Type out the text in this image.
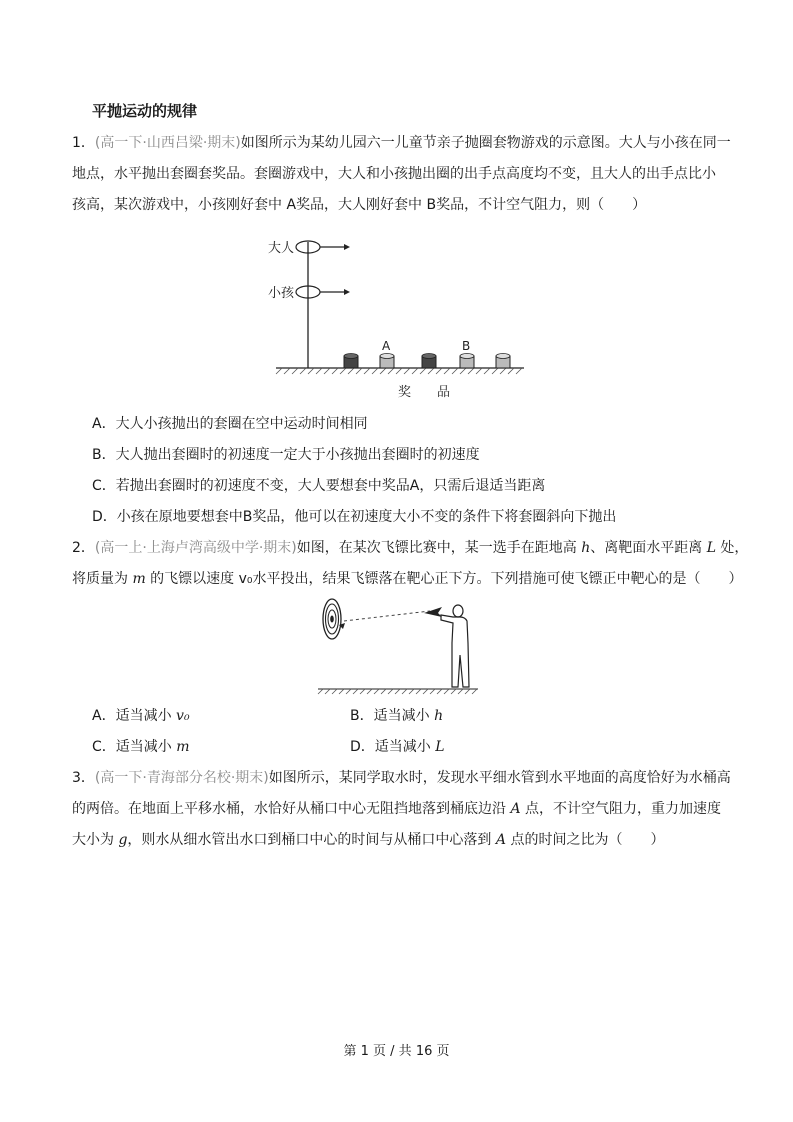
平抛运动的规律
1．(高一下·山西吕梁·期末)如图所示为某幼儿园六一儿童节亲子抛圈套物游戏的示意图。大人与小孩在同一
地点，水平抛出套圈套奖品。套圈游戏中，大人和小孩抛出圈的出手点高度均不变，且大人的出手点比小
孩高，某次游戏中，小孩刚好套中 A奖品，大人刚好套中 B奖品，不计空气阻力，则（　　）
大人
小孩
A	B
奖　　品
A．大人小孩抛出的套圈在空中运动时间相同
B．大人抛出套圈时的初速度一定大于小孩抛出套圈时的初速度
C．若抛出套圈时的初速度不变，大人要想套中奖品A，只需后退适当距离
D．小孩在原地要想套中B奖品，他可以在初速度大小不变的条件下将套圈斜向下抛出
2．(高一上·上海卢湾高级中学·期末)如图，在某次飞镖比赛中，某一选手在距地高 h、离靶面水平距离 L 处，
将质量为 m 的飞镖以速度 v₀水平投出，结果飞镖落在靶心正下方。下列措施可使飞镖正中靶心的是（　　）
A．适当减小 v₀	B．适当减小 h
C．适当减小 m	D．适当减小 L
3．(高一下·青海部分名校·期末)如图所示，某同学取水时，发现水平细水管到水平地面的高度恰好为水桶高
的两倍。在地面上平移水桶，水恰好从桶口中心无阻挡地落到桶底边沿 A 点，不计空气阻力，重力加速度
大小为 g，则水从细水管出水口到桶口中心的时间与从桶口中心落到 A 点的时间之比为（　　）
第 1 页 / 共 16 页
